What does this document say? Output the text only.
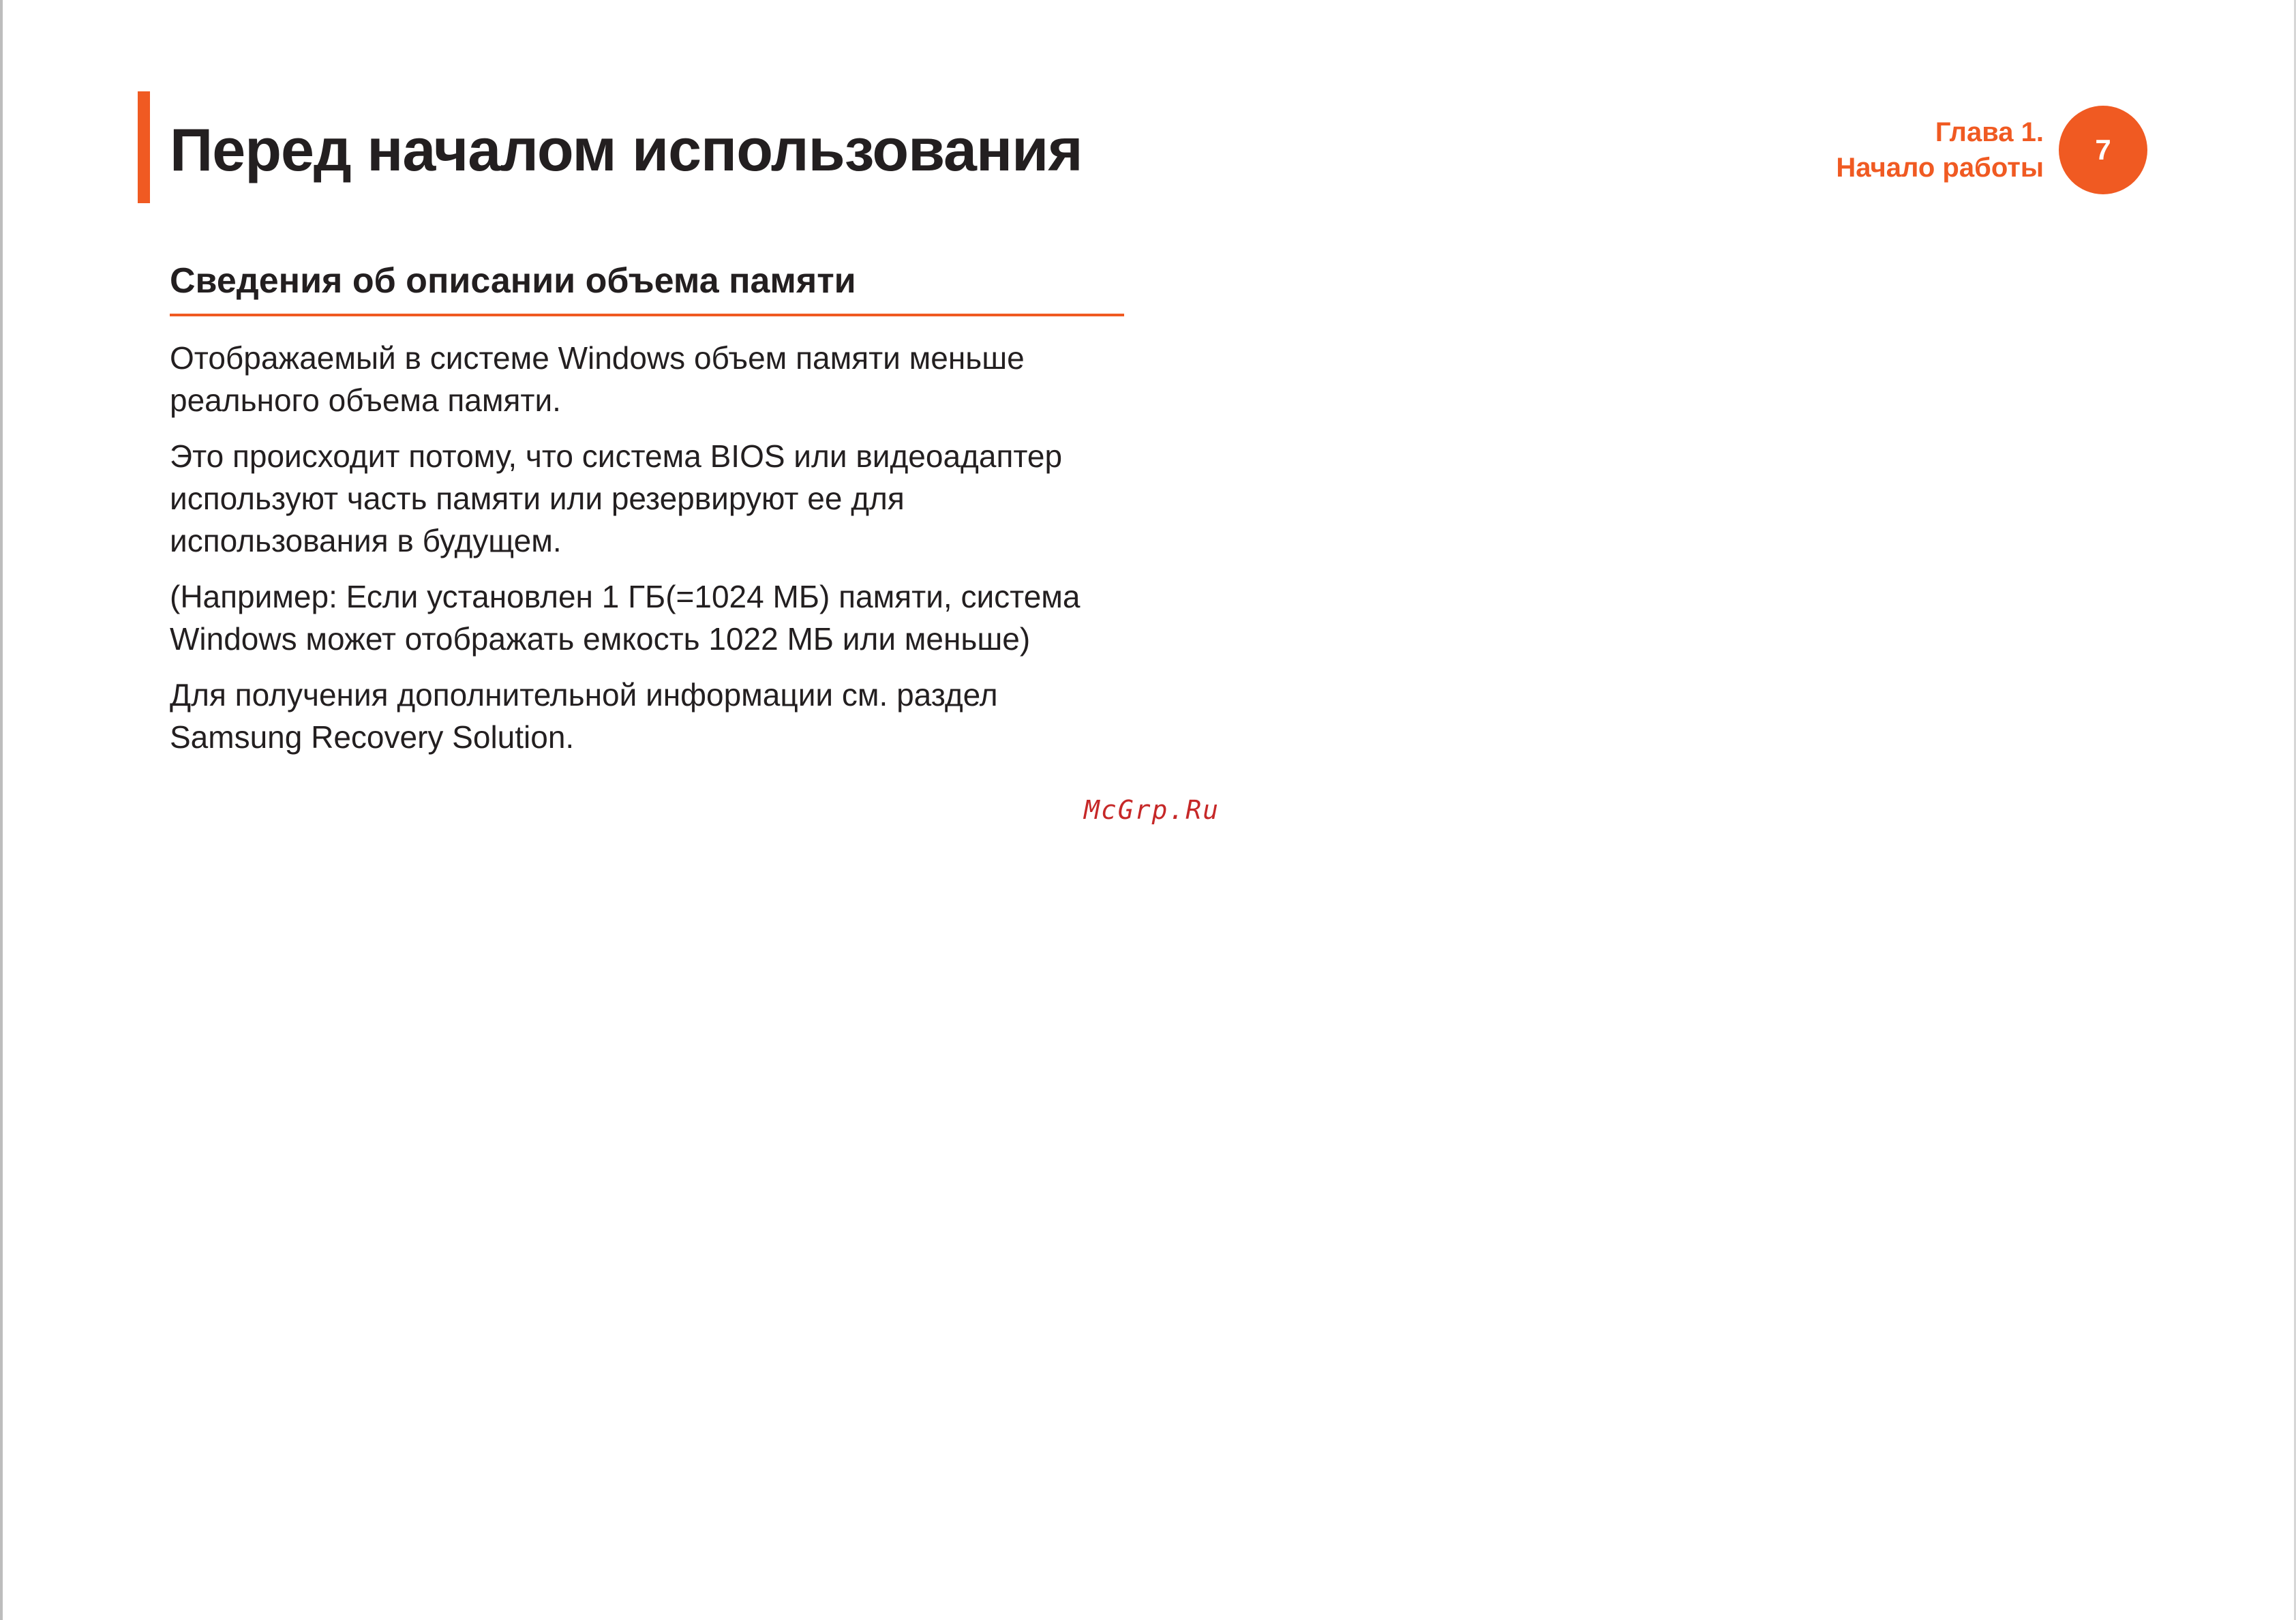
Перед началом использования	Глава 1.
Начало работы
7
Сведения об описании объема памяти

Отображаемый в системе Windows объем памяти меньше реального объема памяти.

Это происходит потому, что система BIOS или видеоадаптер используют часть памяти или резервируют ее для использования в будущем.

(Например: Если установлен 1 ГБ(=1024 МБ) памяти, система Windows может отображать емкость 1022 МБ или меньше)

Для получения дополнительной информации см. раздел Samsung Recovery Solution.

McGrp.Ru
